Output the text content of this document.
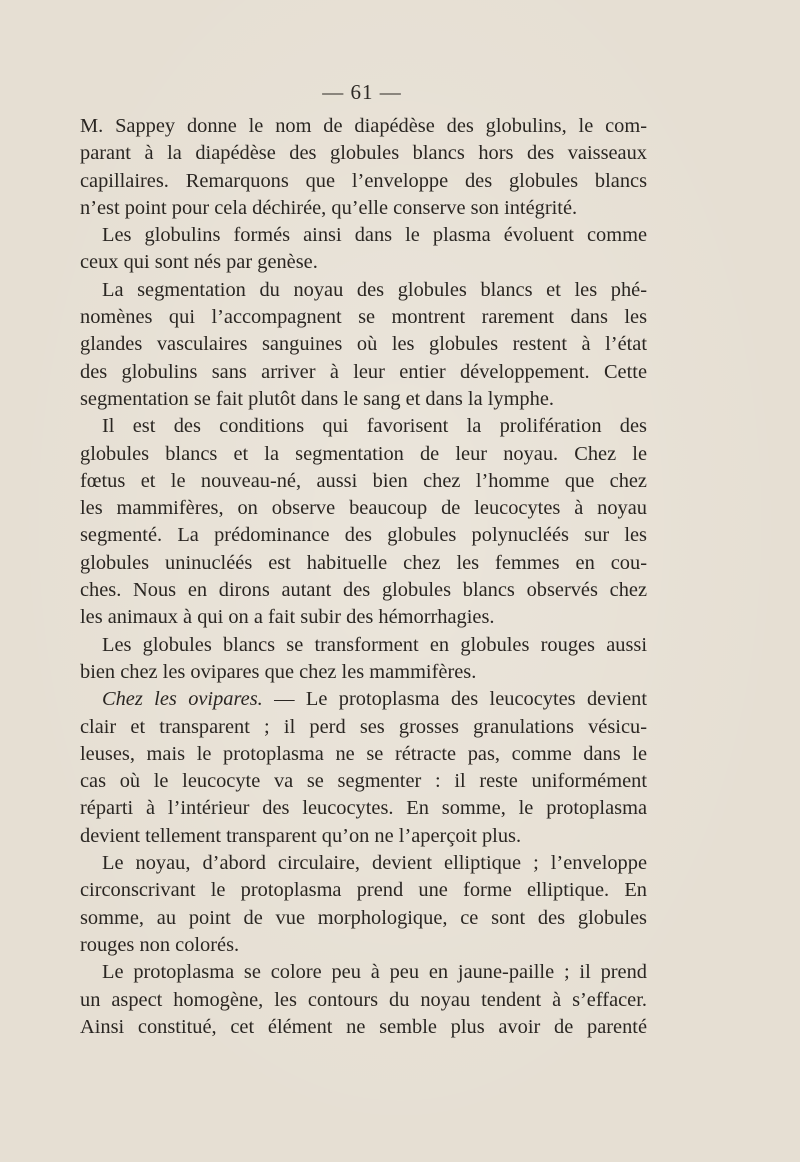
— 61 —
M. Sappey donne le nom de diapédèse des globulins, le com-
parant à la diapédèse des globules blancs hors des vaisseaux
capillaires. Remarquons que l’enveloppe des globules blancs
n’est point pour cela déchirée, qu’elle conserve son intégrité.
Les globulins formés ainsi dans le plasma évoluent comme
ceux qui sont nés par genèse.
La segmentation du noyau des globules blancs et les phé-
nomènes qui l’accompagnent se montrent rarement dans les
glandes vasculaires sanguines où les globules restent à l’état
des globulins sans arriver à leur entier développement. Cette
segmentation se fait plutôt dans le sang et dans la lymphe.
Il est des conditions qui favorisent la prolifération des
globules blancs et la segmentation de leur noyau. Chez le
fœtus et le nouveau-né, aussi bien chez l’homme que chez
les mammifères, on observe beaucoup de leucocytes à noyau
segmenté. La prédominance des globules polynucléés sur les
globules uninucléés est habituelle chez les femmes en cou-
ches. Nous en dirons autant des globules blancs observés chez
les animaux à qui on a fait subir des hémorrhagies.
Les globules blancs se transforment en globules rouges aussi
bien chez les ovipares que chez les mammifères.
Chez les ovipares. — Le protoplasma des leucocytes devient
clair et transparent ; il perd ses grosses granulations vésicu-
leuses, mais le protoplasma ne se rétracte pas, comme dans le
cas où le leucocyte va se segmenter : il reste uniformément
réparti à l’intérieur des leucocytes. En somme, le protoplasma
devient tellement transparent qu’on ne l’aperçoit plus.
Le noyau, d’abord circulaire, devient elliptique ; l’enveloppe
circonscrivant le protoplasma prend une forme elliptique. En
somme, au point de vue morphologique, ce sont des globules
rouges non colorés.
Le protoplasma se colore peu à peu en jaune-paille ; il prend
un aspect homogène, les contours du noyau tendent à s’effacer.
Ainsi constitué, cet élément ne semble plus avoir de parenté
